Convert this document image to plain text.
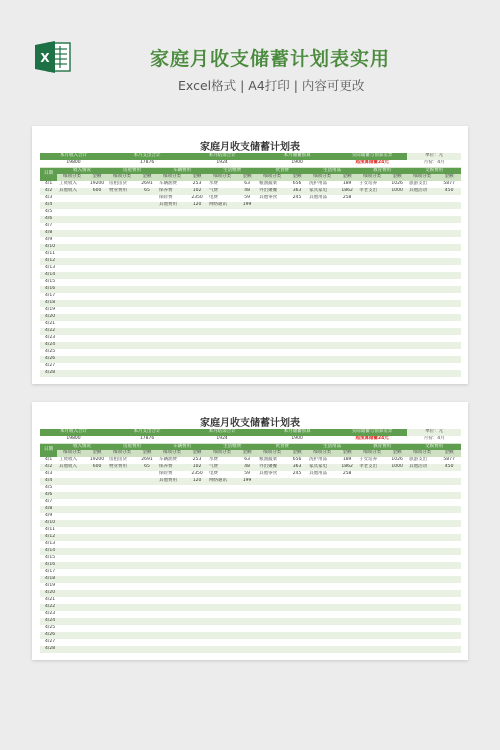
X	家庭月收支储蓄计划表实用
Excel格式 | A4打印 | 内容可更改
家庭月收支储蓄计划表
本月收入合计			本月支出合计			本月结余合计			本月储蓄预算			实际储蓄与预算差异			单位：元	
19800			17876			1924			1900			超预算储蓄24元			月份：4月	
日期	收入情况		房屋费用		车辆费用		生活缴费		伙食费		生活用品		教育费用		文娱费用	
	细项分类	金额	细项分类	金额	细项分类	金额	细项分类	金额	细项分类	金额	细项分类	金额	细项分类	金额	细项分类	金额
4/1	工资收入	19200	房租房贷	2691	车辆油费	253	水费	63	粮油蔬菜	656	洗护用品	189	子女培养	1026	旅游支出	5877
4/2	其他收入	600	物业费用	65	保养费	102	气费	48	外出聚餐	363	家具家电	1862	孝老支出	1000	其他活动	450
4/3					保险费	2350	电费	59	其他零食	245	其他用品	258				
4/4					其他费用	120	网络通讯	199								
4/5																
4/6																
4/7																
4/8																
4/9																
4/10																
4/11																
4/12																
4/13																
4/14																
4/15																
4/16																
4/17																
4/18																
4/19																
4/20																
4/21																
4/22																
4/23																
4/24																
4/25																
4/26																
4/27																
4/28																
家庭月收支储蓄计划表
本月收入合计			本月支出合计			本月结余合计			本月储蓄预算			实际储蓄与预算差异			单位：元	
19800			17876			1924			1900			超预算储蓄24元			月份：4月	
日期	收入情况		房屋费用		车辆费用		生活缴费		伙食费		生活用品		教育费用		文娱费用	
	细项分类	金额	细项分类	金额	细项分类	金额	细项分类	金额	细项分类	金额	细项分类	金额	细项分类	金额	细项分类	金额
4/1	工资收入	19200	房租房贷	2691	车辆油费	253	水费	63	粮油蔬菜	656	洗护用品	189	子女培养	1026	旅游支出	5877
4/2	其他收入	600	物业费用	65	保养费	102	气费	48	外出聚餐	363	家具家电	1862	孝老支出	1000	其他活动	450
4/3					保险费	2350	电费	59	其他零食	245	其他用品	258				
4/4					其他费用	120	网络通讯	199								
4/5																
4/6																
4/7																
4/8																
4/9																
4/10																
4/11																
4/12																
4/13																
4/14																
4/15																
4/16																
4/17																
4/18																
4/19																
4/20																
4/21																
4/22																
4/23																
4/24																
4/25																
4/26																
4/27																
4/28																
